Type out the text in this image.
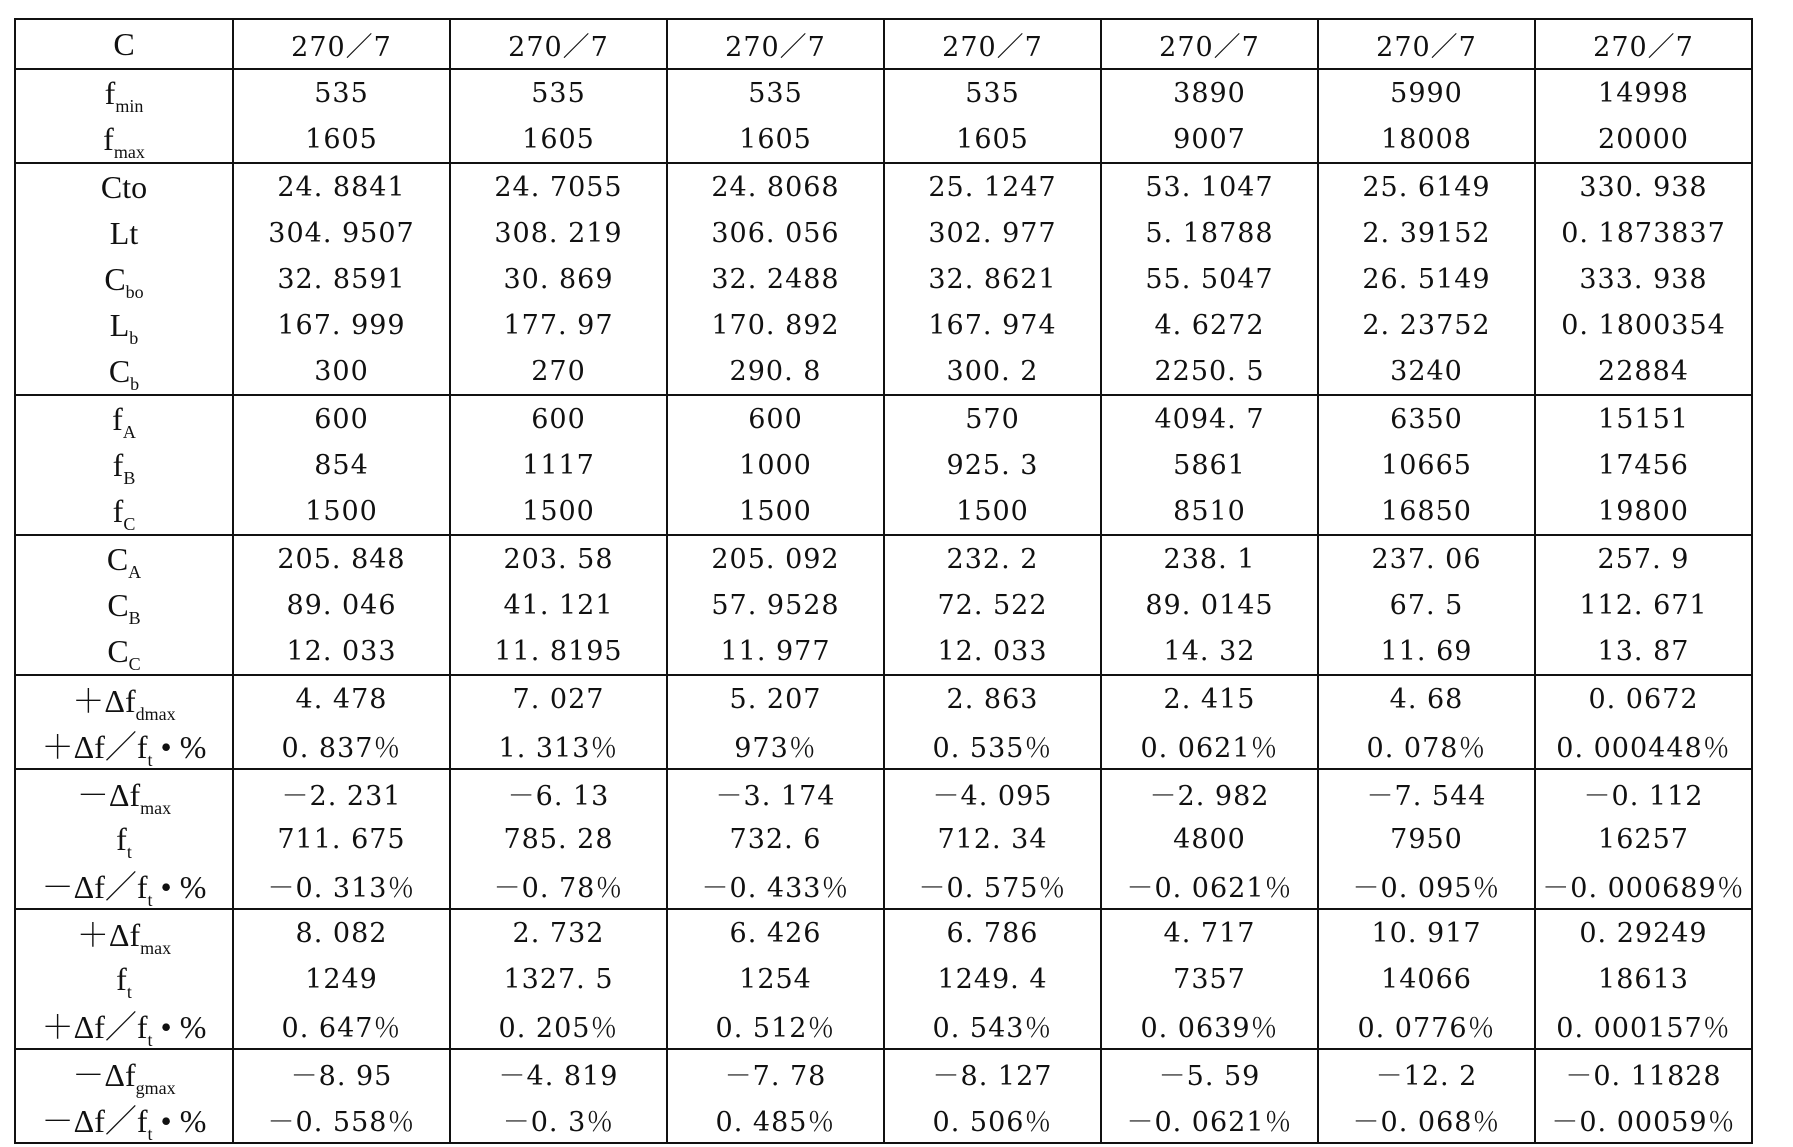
C	270／7	270／7	270／7	270／7	270／7	270／7	270／7
$f_{min}$	535	535	535	535	3890	5990	14998
$f_{max}$	1605	1605	1605	1605	9007	18008	20000
Cto	24. 8841	24. 7055	24. 8068	25. 1247	53. 1047	25. 6149	330. 938
Lt	304. 9507	308. 219	306. 056	302. 977	5. 18788	2. 39152	0. 1873837
$C_{bo}$	32. 8591	30. 869	32. 2488	32. 8621	55. 5047	26. 5149	333. 938
$L_b$	167. 999	177. 97	170. 892	167. 974	4. 6272	2. 23752	0. 1800354
$C_b$	300	270	290. 8	300. 2	2250. 5	3240	22884
$f_A$	600	600	600	570	4094. 7	6350	15151
$f_B$	854	1117	1000	925. 3	5861	10665	17456
$f_C$	1500	1500	1500	1500	8510	16850	19800
$C_A$	205. 848	203. 58	205. 092	232. 2	238. 1	237. 06	257. 9
$C_B$	89. 046	41. 121	57. 9528	72. 522	89. 0145	67. 5	112. 671
$C_C$	12. 033	11. 8195	11. 977	12. 033	14. 32	11. 69	13. 87
$+\Delta f_{dmax}$	4. 478	7. 027	5. 207	2. 863	2. 415	4. 68	0. 0672
$+\Delta f/f_t$ • %	0. 837％	1. 313％	973％	0. 535％	0. 0621％	0. 078％	0. 000448％
$-\Delta f_{max}$	－2. 231	－6. 13	－3. 174	－4. 095	－2. 982	－7. 544	－0. 112
$f_t$	711. 675	785. 28	732. 6	712. 34	4800	7950	16257
$-\Delta f/f_t$ • %	－0. 313％	－0. 78％	－0. 433％	－0. 575％	－0. 0621％	－0. 095％	－0. 000689％
$+\Delta f_{max}$	8. 082	2. 732	6. 426	6. 786	4. 717	10. 917	0. 29249
$f_t$	1249	1327. 5	1254	1249. 4	7357	14066	18613
$+\Delta f/f_t$ • %	0. 647％	0. 205％	0. 512％	0. 543％	0. 0639％	0. 0776％	0. 000157％
$-\Delta f_{gmax}$	－8. 95	－4. 819	－7. 78	－8. 127	－5. 59	－12. 2	－0. 11828
$-\Delta f/f_t$ • %	－0. 558％	－0. 3％	0. 485％	0. 506％	－0. 0621％	－0. 068％	－0. 00059％
